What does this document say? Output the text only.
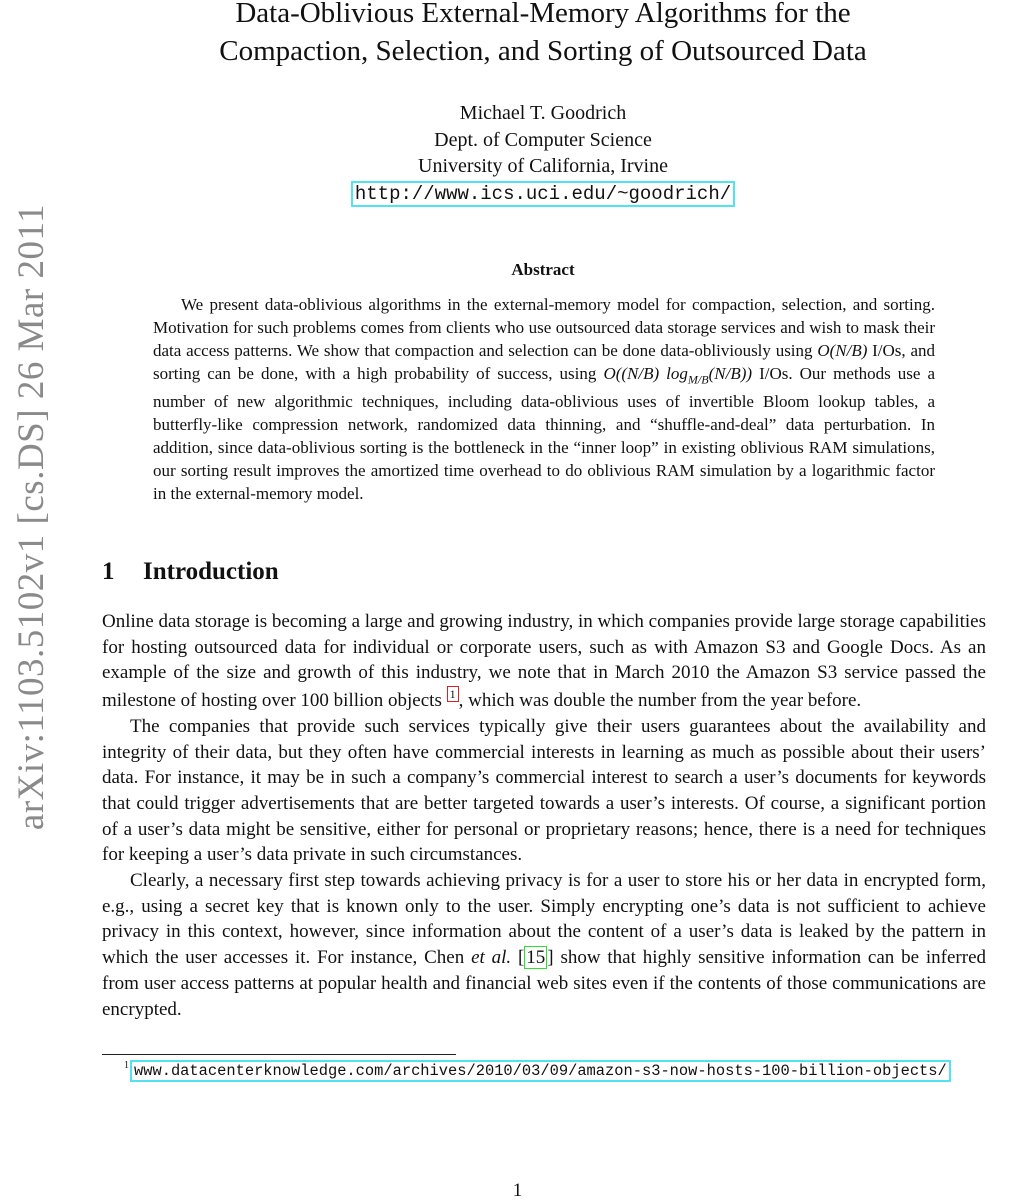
arXiv:1103.5102v1 [cs.DS] 26 Mar 2011
Data-Oblivious External-Memory Algorithms for the
Compaction, Selection, and Sorting of Outsourced Data
Michael T. Goodrich
Dept. of Computer Science
University of California, Irvine
http://www.ics.uci.edu/~goodrich/
Abstract

We present data-oblivious algorithms in the external-memory model for compaction, selection, and sorting. Motivation for such problems comes from clients who use outsourced data storage services and wish to mask their data access patterns. We show that compaction and selection can be done data-obliviously using O(N/B) I/Os, and sorting can be done, with a high probability of success, using O((N/B) $\log_{M/B}(N/B)$) I/Os. Our methods use a number of new algorithmic techniques, including data-oblivious uses of invertible Bloom lookup tables, a butterfly-like compression network, randomized data thinning, and “shuffle-and-deal” data perturbation. In addition, since data-oblivious sorting is the bottleneck in the “inner loop” in existing oblivious RAM simulations, our sorting result improves the amortized time overhead to do oblivious RAM simulation by a logarithmic factor in the external-memory model.

1 Introduction

Online data storage is becoming a large and growing industry, in which companies provide large storage capabilities for hosting outsourced data for individual or corporate users, such as with Amazon S3 and Google Docs. As an example of the size and growth of this industry, we note that in March 2010 the Amazon S3 service passed the milestone of hosting over 100 billion objects 1 , which was double the number from the year before.

The companies that provide such services typically give their users guarantees about the availability and integrity of their data, but they often have commercial interests in learning as much as possible about their users’ data. For instance, it may be in such a company’s commercial interest to search a user’s documents for keywords that could trigger advertisements that are better targeted towards a user’s interests. Of course, a significant portion of a user’s data might be sensitive, either for personal or proprietary reasons; hence, there is a need for techniques for keeping a user’s data private in such circumstances.

Clearly, a necessary first step towards achieving privacy is for a user to store his or her data in encrypted form, e.g., using a secret key that is known only to the user. Simply encrypting one’s data is not sufficient to achieve privacy in this context, however, since information about the content of a user’s data is leaked by the pattern in which the user accesses it. For instance, Chen et al. [ 15 ] show that highly sensitive information can be inferred from user access patterns at popular health and financial web sites even if the contents of those communications are encrypted.

$^1$ www.datacenterknowledge.com/archives/2010/03/09/amazon-s3-now-hosts-100-billion-objects/
1
